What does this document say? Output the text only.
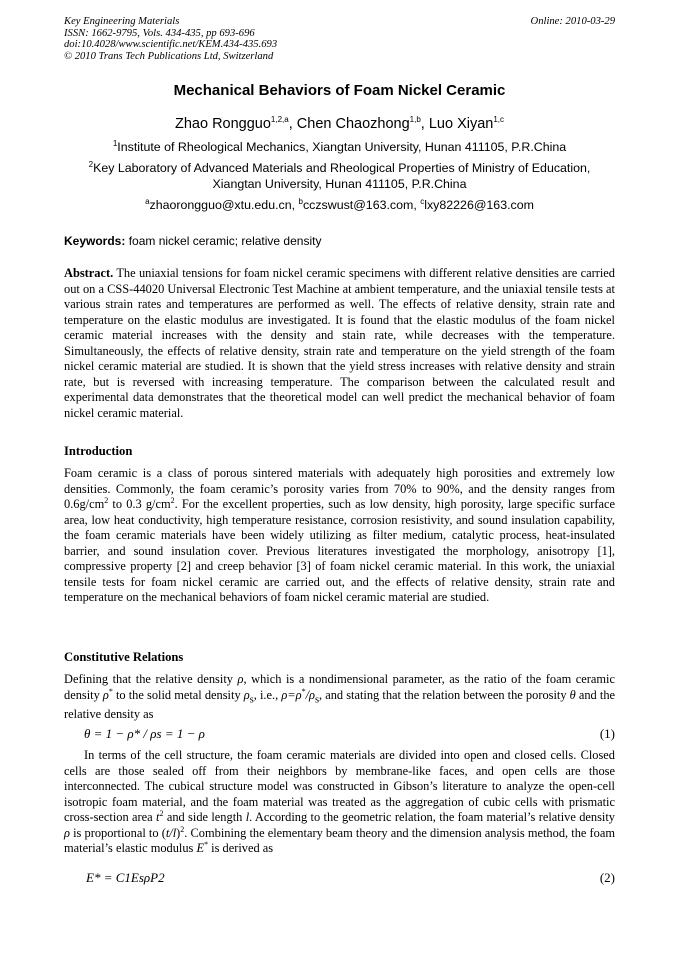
Key Engineering Materials
ISSN: 1662-9795, Vols. 434-435, pp 693-696
doi:10.4028/www.scientific.net/KEM.434-435.693
© 2010 Trans Tech Publications Ltd, Switzerland
Online: 2010-03-29
Mechanical Behaviors of Foam Nickel Ceramic
Zhao Rongguo$^{1,2,a}$, Chen Chaozhong$^{1,b}$, Luo Xiyan$^{1,c}$
$^1$Institute of Rheological Mechanics, Xiangtan University, Hunan 411105, P.R.China
$^2$Key Laboratory of Advanced Materials and Rheological Properties of Ministry of Education,
Xiangtan University, Hunan 411105, P.R.China
$^a$zhaorongguo@xtu.edu.cn, $^b$cczswust@163.com, $^c$lxy82226@163.com
Keywords: foam nickel ceramic; relative density
Abstract. The uniaxial tensions for foam nickel ceramic specimens with different relative densities are carried out on a CSS-44020 Universal Electronic Test Machine at ambient temperature, and the uniaxial tensile tests at various strain rates and temperatures are performed as well. The effects of relative density, strain rate and temperature on the elastic modulus are investigated. It is found that the elastic modulus of the foam nickel ceramic material increases with the density and stain rate, while decreases with the temperature. Simultaneously, the effects of relative density, strain rate and temperature on the yield strength of the foam nickel ceramic material are studied. It is shown that the yield stress increases with relative density and strain rate, but is reversed with increasing temperature. The comparison between the calculated result and experimental data demonstrates that the theoretical model can well predict the mechanical behavior of foam nickel ceramic material.
Introduction
Foam ceramic is a class of porous sintered materials with adequately high porosities and extremely low densities. Commonly, the foam ceramic’s porosity varies from 70% to 90%, and the density ranges from $0.6g/cm^2$ to 0.3 $g/cm^2$. For the excellent properties, such as low density, high porosity, large specific surface area, low heat conductivity, high temperature resistance, corrosion resistivity, and sound insulation capability, the foam ceramic materials have been widely utilizing as filter medium, catalytic process, heat-insulated barrier, and sound insulation cover. Previous literatures investigated the morphology, anisotropy [1], compressive property [2] and creep behavior [3] of foam nickel ceramic material. In this work, the uniaxial tensile tests for foam nickel ceramic are carried out, and the effects of relative density, strain rate and temperature on the mechanical behaviors of foam nickel ceramic material are studied.
Constitutive Relations
Defining that the relative density ρ, which is a nondimensional parameter, as the ratio of the foam ceramic density ρ* to the solid metal density $\rho_s$, i.e., $\rho=\rho^*/\rho_s$, and stating that the relation between the porosity θ and the relative density as
θ = 1 − ρ* / ρs = 1 − ρ	(1)
In terms of the cell structure, the foam ceramic materials are divided into open and closed cells. Closed cells are those sealed off from their neighbors by membrane-like faces, and open cells are those interconnected. The cubical structure model was constructed in Gibson’s literature to analyze the open-cell isotropic foam material, and the foam material was treated as the aggregation of cubic cells with prismatic cross-section area $t^2$ and side length l. According to the geometric relation, the foam material’s relative density ρ is proportional to $(t/l)^2$. Combining the elementary beam theory and the dimension analysis method, the foam material’s elastic modulus E* is derived as
E* = C1EsρP2	(2)
